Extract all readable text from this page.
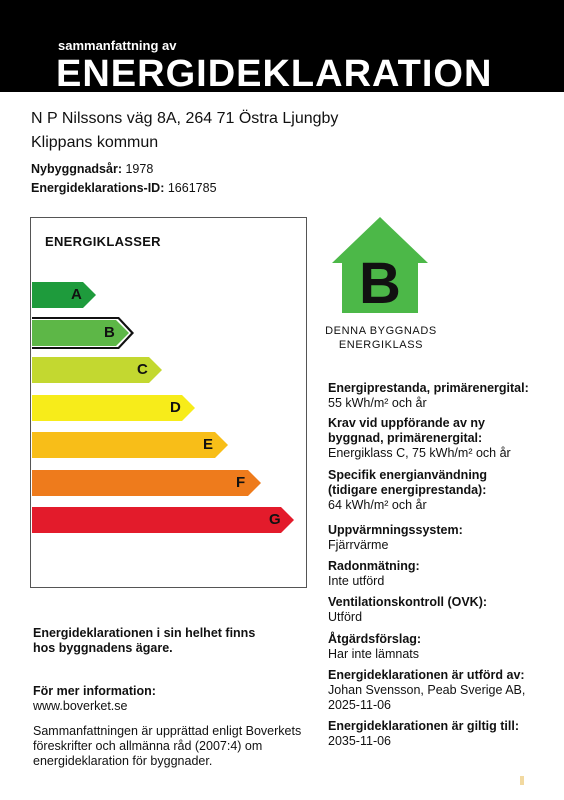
sammanfattning av
ENERGIDEKLARATION
N P Nilssons väg 8A, 264 71 Östra Ljungby
Klippans kommun
Nybyggnadsår: 1978
Energideklarations-ID: 1661785
ENERGIKLASSER
A
B
C
D
E
F
G
B
DENNA BYGGNADS
ENERGIKLASS
Energiprestanda, primärenergital:
55 kWh/m² och år
Krav vid uppförande av ny byggnad, primärenergital:
Energiklass C, 75 kWh/m² och år
Specifik energianvändning (tidigare energiprestanda):
64 kWh/m² och år
Uppvärmningssystem:
Fjärrvärme
Radonmätning:
Inte utförd
Ventilationskontroll (OVK):
Utförd
Åtgärdsförslag:
Har inte lämnats
Energideklarationen är utförd av:
Johan Svensson, Peab Sverige AB, 2025-11-06
Energideklarationen är giltig till:
2035-11-06
Energideklarationen i sin helhet finns hos byggnadens ägare.
För mer information:
www.boverket.se
Sammanfattningen är upprättad enligt Boverkets föreskrifter och allmänna råd (2007:4) om energideklaration för byggnader.
